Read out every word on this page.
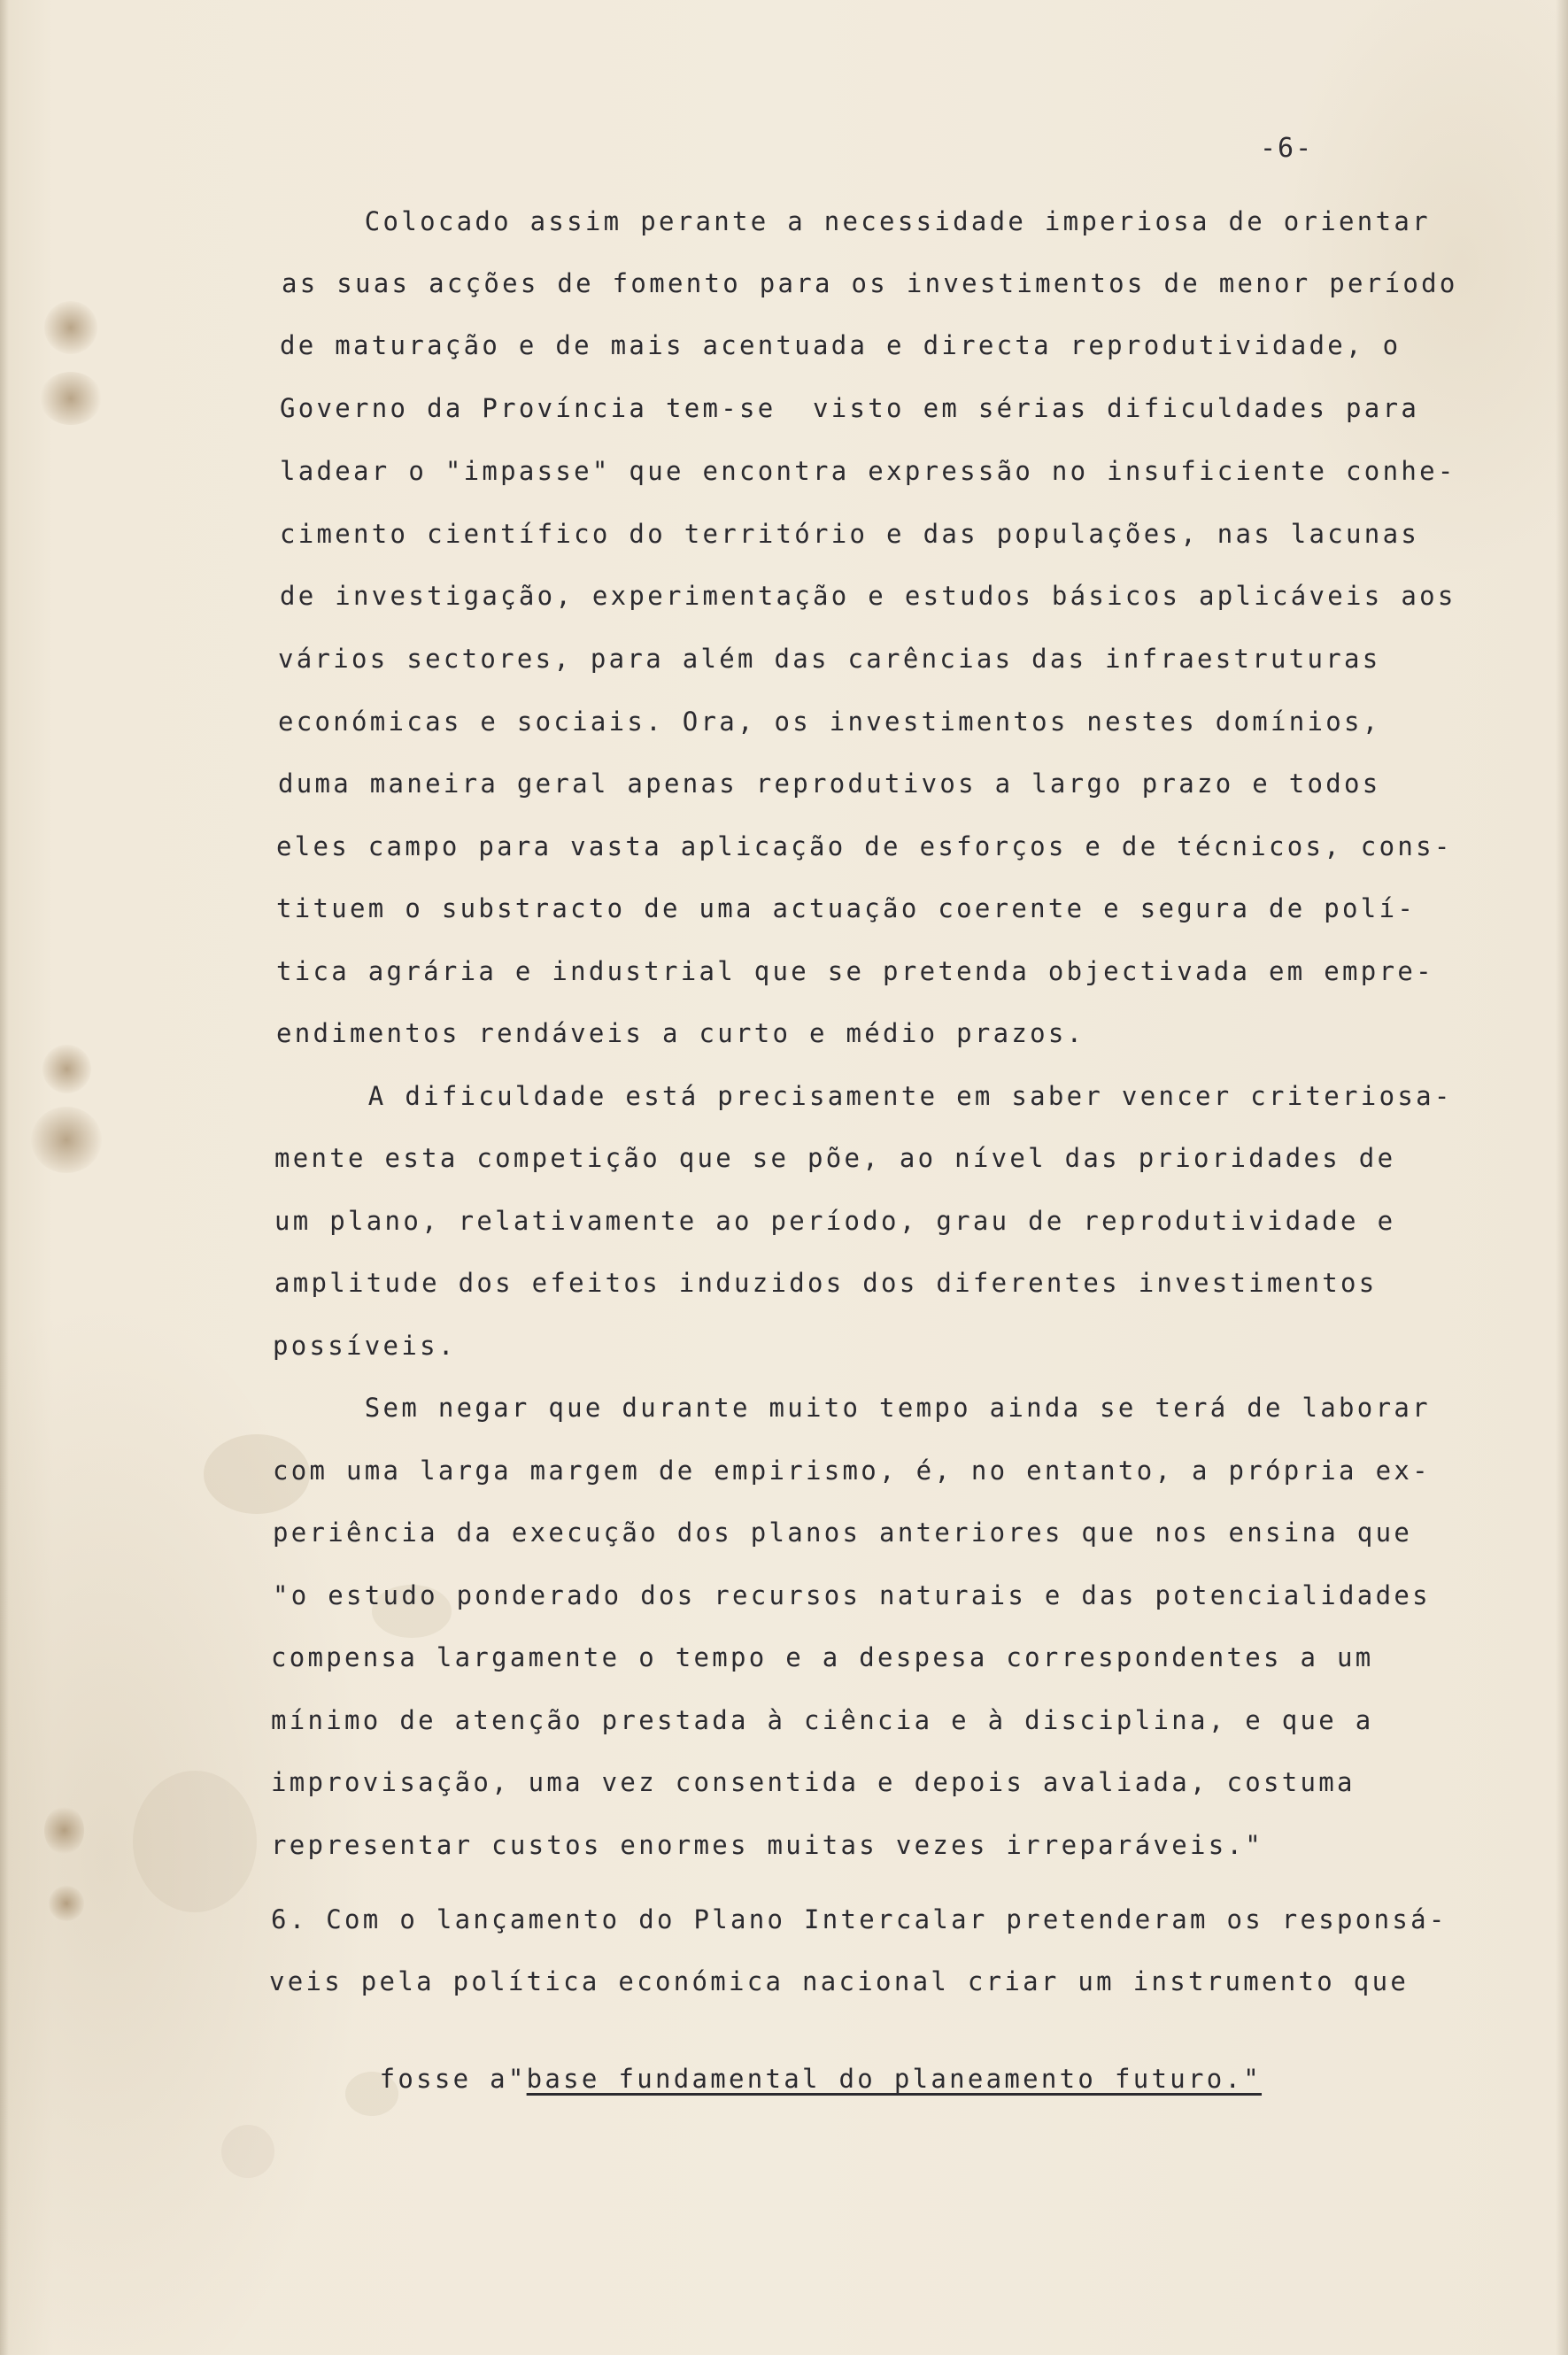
-6-
Colocado assim perante a necessidade imperiosa de orientar
as suas acções de fomento para os investimentos de menor período
de maturação e de mais acentuada e directa reprodutividade, o
Governo da Província tem-se  visto em sérias dificuldades para
ladear o "impasse" que encontra expressão no insuficiente conhe-
cimento científico do território e das populações, nas lacunas
de investigação, experimentação e estudos básicos aplicáveis aos
vários sectores, para além das carências das infraestruturas
económicas e sociais. Ora, os investimentos nestes domínios,
duma maneira geral apenas reprodutivos a largo prazo e todos
eles campo para vasta aplicação de esforços e de técnicos, cons-
tituem o substracto de uma actuação coerente e segura de polí-
tica agrária e industrial que se pretenda objectivada em empre-
endimentos rendáveis a curto e médio prazos.
A dificuldade está precisamente em saber vencer criteriosa-
mente esta competição que se põe, ao nível das prioridades de
um plano, relativamente ao período, grau de reprodutividade e
amplitude dos efeitos induzidos dos diferentes investimentos
possíveis.
Sem negar que durante muito tempo ainda se terá de laborar
com uma larga margem de empirismo, é, no entanto, a própria ex-
periência da execução dos planos anteriores que nos ensina que
"o estudo ponderado dos recursos naturais e das potencialidades
compensa largamente o tempo e a despesa correspondentes a um
mínimo de atenção prestada à ciência e à disciplina, e que a
improvisação, uma vez consentida e depois avaliada, costuma
representar custos enormes muitas vezes irreparáveis."
6. Com o lançamento do Plano Intercalar pretenderam os responsá-
veis pela política económica nacional criar um instrumento que

fosse a"base fundamental do planeamento futuro."
